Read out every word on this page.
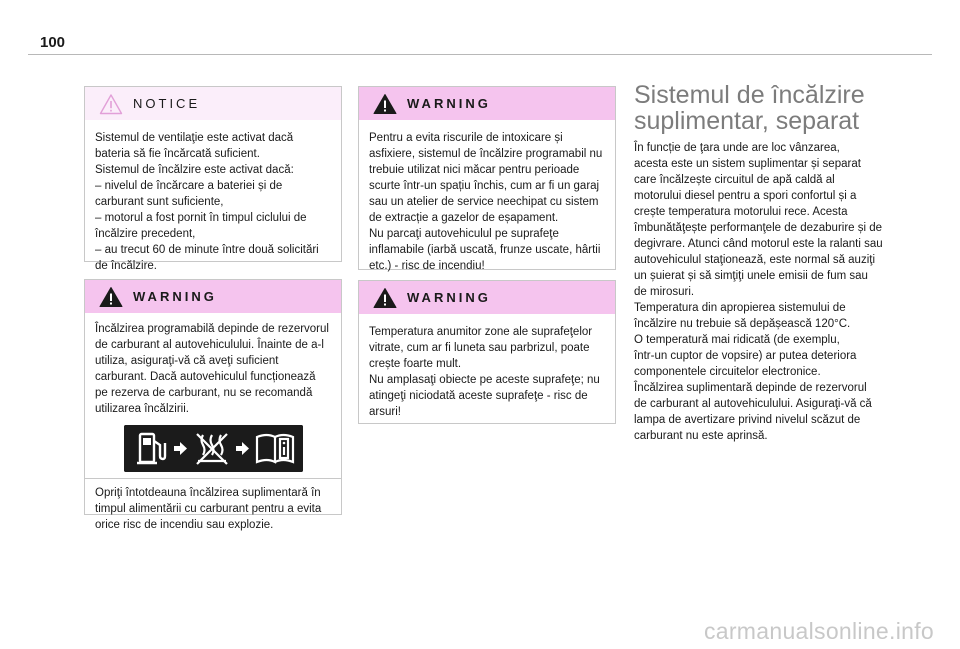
100
NOTICE

Sistemul de ventilaţie este activat dacă

bateria să fie încărcată suficient.

Sistemul de încălzire este activat dacă:

– nivelul de încărcare a bateriei și de

carburant sunt suficiente,

– motorul a fost pornit în timpul ciclului de

încălzire precedent,

– au trecut 60 de minute între două solicitări

de încălzire.

WARNING

Încălzirea programabilă depinde de rezervorul

de carburant al autovehiculului. Înainte de a-l

utiliza, asiguraţi-vă că aveţi suficient

carburant. Dacă autovehiculul funcționează

pe rezerva de carburant, nu se recomandă

utilizarea încălzirii.

Opriţi întotdeauna încălzirea suplimentară în

timpul alimentării cu carburant pentru a evita

orice risc de incendiu sau explozie.

WARNING

Pentru a evita riscurile de intoxicare și

asfixiere, sistemul de încălzire programabil nu

trebuie utilizat nici măcar pentru perioade

scurte într-un spațiu închis, cum ar fi un garaj

sau un atelier de service neechipat cu sistem

de extracție a gazelor de eșapament.

Nu parcaţi autovehiculul pe suprafeţe

inflamabile (iarbă uscată, frunze uscate, hârtii

etc.) - risc de incendiu!

WARNING

Temperatura anumitor zone ale suprafeţelor

vitrate, cum ar fi luneta sau parbrizul, poate

crește foarte mult.

Nu amplasaţi obiecte pe aceste suprafeţe; nu

atingeţi niciodată aceste suprafeţe - risc de

arsuri!

Sistemul de încălzire
suplimentar, separat

În funcție de ţara unde are loc vânzarea,

acesta este un sistem suplimentar și separat

care încălzește circuitul de apă caldă al

motorului diesel pentru a spori confortul și a

crește temperatura motorului rece. Acesta

îmbunătăţește performanţele de dezaburire și de

degivrare. Atunci când motorul este la ralanti sau

autovehiculul staţionează, este normal să auziţi

un șuierat și să simţiţi unele emisii de fum sau

de mirosuri.

Temperatura din apropierea sistemului de

încălzire nu trebuie să depășească 120°C.

O temperatură mai ridicată (de exemplu,

într-un cuptor de vopsire) ar putea deteriora

componentele circuitelor electronice.

Încălzirea suplimentară depinde de rezervorul

de carburant al autovehiculului. Asiguraţi-vă că

lampa de avertizare privind nivelul scăzut de

carburant nu este aprinsă.

carmanualsonline.info
